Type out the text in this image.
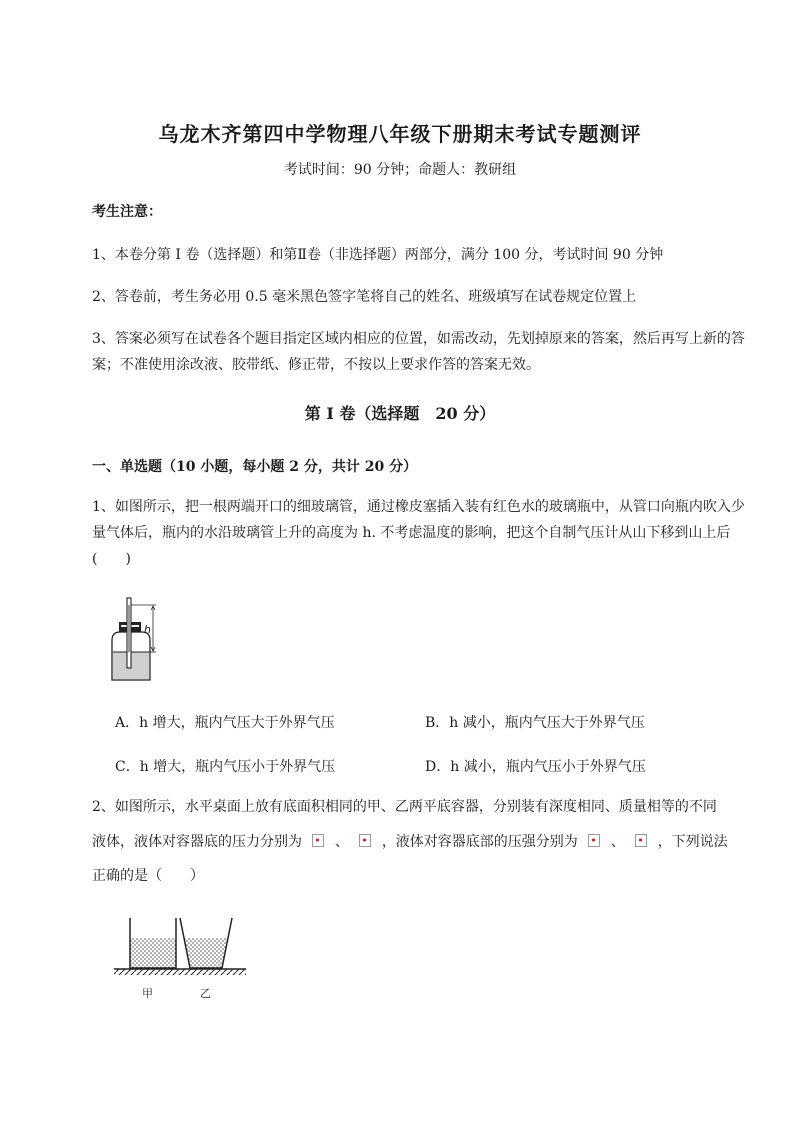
乌龙木齐第四中学物理八年级下册期末考试专题测评
考试时间：90 分钟；命题人：教研组
考生注意：
1、本卷分第 I 卷（选择题）和第Ⅱ卷（非选择题）两部分，满分 100 分，考试时间 90 分钟
2、答卷前，考生务必用 0.5 毫米黑色签字笔将自己的姓名、班级填写在试卷规定位置上
3、答案必须写在试卷各个题目指定区域内相应的位置，如需改动，先划掉原来的答案，然后再写上新的答案；不准使用涂改液、胶带纸、修正带，不按以上要求作答的答案无效。
第 I 卷（选择题　20 分）
一、单选题（10 小题，每小题 2 分，共计 20 分）
1、如图所示，把一根两端开口的细玻璃管，通过橡皮塞插入装有红色水的玻璃瓶中，从管口向瓶内吹入少量气体后，瓶内的水沿玻璃管上升的高度为 h. 不考虑温度的影响，把这个自制气压计从山下移到山上后(　　)
h
A．h 增大，瓶内气压大于外界气压	B．h 减小，瓶内气压大于外界气压
C．h 增大，瓶内气压小于外界气压	D．h 减小，瓶内气压小于外界气压
2、如图所示，水平桌面上放有底面积相同的甲、乙两平底容器，分别装有深度相同、质量相等的不同
液体，液体对容器底的压力分别为 、 ，液体对容器底部的压强分别为 、 ，下列说法
正确的是（　　）
甲	乙
